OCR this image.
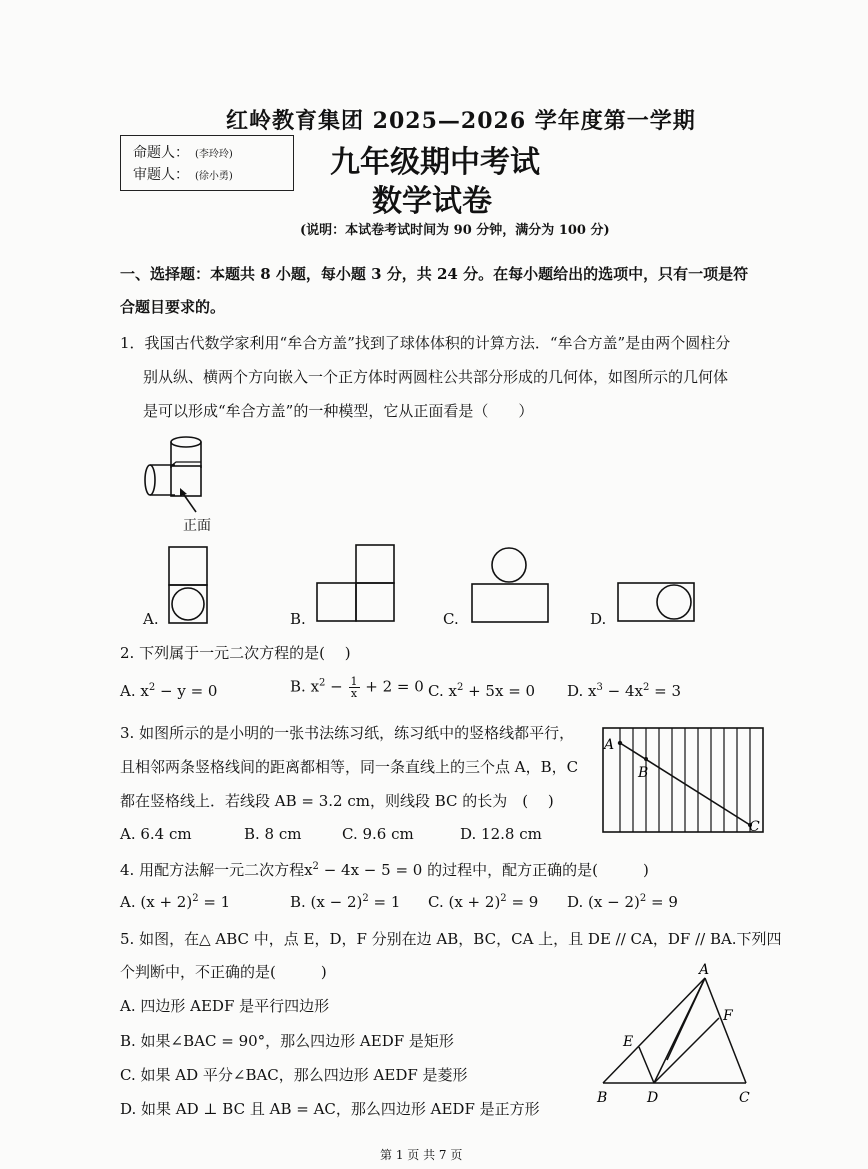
红岭教育集团 2025—2026 学年度第一学期
命题人： (李玲玲)
审题人： (徐小勇)	九年级期中考试
数学试卷
(说明：本试卷考试时间为 90 分钟，满分为 100 分)
一、选择题：本题共 8 小题，每小题 3 分，共 24 分。在每小题给出的选项中，只有一项是符
合题目要求的。
1．我国古代数学家利用“牟合方盖”找到了球体体积的计算方法．“牟合方盖”是由两个圆柱分
别从纵、横两个方向嵌入一个正方体时两圆柱公共部分形成的几何体，如图所示的几何体
是可以形成“牟合方盖”的一种模型，它从正面看是（　　）
正面
A.	B.	C.	D.
2. 下列属于一元二次方程的是(　 )
A. $x^2 - y = 0$	B. $x^2 - \frac{1}{x} + 2 = 0$ C. $x^2 + 5x = 0$ D. $x^3 - 4x^2 = 3$
3. 如图所示的是小明的一张书法练习纸，练习纸中的竖格线都平行，
且相邻两条竖格线间的距离都相等，同一条直线上的三个点 A，B，C
都在竖格线上．若线段 AB = 3.2 cm，则线段 BC 的长为　(　 )
A. 6.4 cm	B. 8 cm	C. 9.6 cm	D. 12.8 cm
A
B
C
4. 用配方法解一元二次方程$x^2 - 4x - 5 = 0$ 的过程中，配方正确的是(　　　)
A. $(x + 2)^2 = 1$	B. $(x - 2)^2 = 1$ C. $(x + 2)^2 = 9$ D. $(x - 2)^2 = 9$
5. 如图，在△ ABC 中，点 E，D，F 分别在边 AB，BC，CA 上，且 DE // CA，DF // BA.下列四
个判断中，不正确的是(　　　)
A. 四边形 AEDF 是平行四边形
B. 如果∠BAC = 90°，那么四边形 AEDF 是矩形
C. 如果 AD 平分∠BAC，那么四边形 AEDF 是菱形
D. 如果 AD ⊥ BC 且 AB = AC，那么四边形 AEDF 是正方形
A
E
F
B	D	C
第 1 页 共 7 页
